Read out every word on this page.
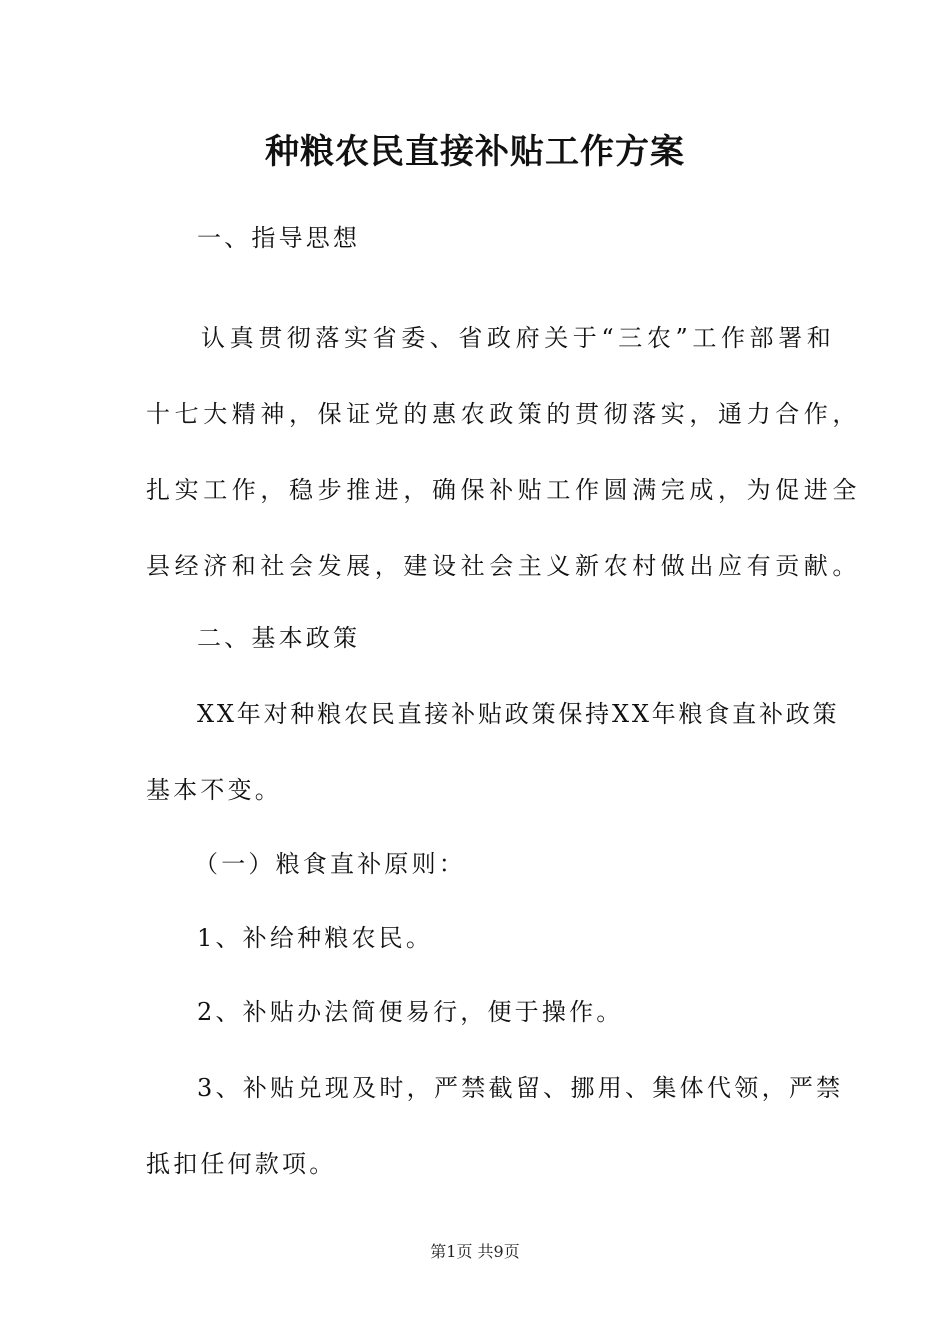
种粮农民直接补贴工作方案

一、指导思想

认真贯彻落实省委、省政府关于“三农”工作部署和

十七大精神，保证党的惠农政策的贯彻落实，通力合作，

扎实工作，稳步推进，确保补贴工作圆满完成，为促进全

县经济和社会发展，建设社会主义新农村做出应有贡献。

二、基本政策

XX年对种粮农民直接补贴政策保持XX年粮食直补政策

基本不变。

（一）粮食直补原则：

1、补给种粮农民。

2、补贴办法简便易行，便于操作。

3、补贴兑现及时，严禁截留、挪用、集体代领，严禁

抵扣任何款项。

第1页 共9页
